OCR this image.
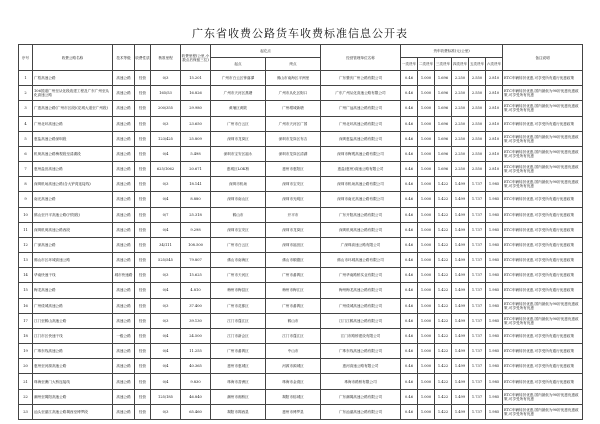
广东省收费公路货车收费标准信息公开表
序号	收费公路名称	技术等级	收费性质	核准里程	收费里程(公里,小数点后保留三位)	起讫点		经营管理单位名称	货车收费标准(元/公里)						备注说明
						起点	终点		一类货车	二类货车	三类货车	四类货车	五类货车	六类货车	
1	广梧高速公路	高速公路	经营	0/3	15.201	广州市白云区钟落潭	佛山市南海区平洲里	广东肇庆广州公路有限公司	0.46	1.000	1.696	2.250	2.550	2.810	ETC车辆转折优惠,可享受所有通行优惠政策
2	106国道广州至从化段改建工程及广东广州至从化高速公路	高速公路	经营	165/53	16.826	广州市天河区燕塘	广州市从化区街口	广东广州从化高速公路有限公司	0.46	1.000	1.696	2.250	2.550	2.810	ETC车辆转折优惠,国内最低为90折优惠优惠政策,可享受所有优惠
3	广惠高速公路(广州市区段)(花城大道至广州段)	高速公路	经营	200/355	29.980	黄埔区黄陂	广州增城新塘	广州广汕高速公路有限公司	0.46	1.000	1.696	2.250	2.550	2.810	ETC车辆转折优惠,国内最低为90折优惠优惠政策,可享受所有优惠
4	广州北环高速公路	高速公路	经营	0/3	23.650	广州市白云区	广州市天河区广园	广州北环高速公路有限公司	0.46	1.000	1.696	2.250	2.550	2.810	ETC车辆转折优惠,可享受所有通行优惠政策
5	惠盐高速公路深圳段	高速公路	经营	123/425	25.809	深圳市龙岗区	深圳市龙岗区布吉	深圳惠盐高速公路有限公司	0.46	1.000	1.696	2.250	2.550	2.810	ETC车辆转折优惠,国内最低为90折优惠优惠政策,可享受所有优惠
6	机荷高速公路梅观段至清湖段	高速公路	经营	0/4	5.498	深圳市宝安区福永	深圳市龙岗区清湖	深圳市梅观高速公路有限公司	0.46	1.000	1.696	2.250	2.550	2.810	ETC车辆转折优惠,国内最低为90折优惠优惠政策,可享受所有优惠
7	惠州盐田高速公路	高速公路	经营	625/1062	20.671	惠城区LOK桥	惠州市惠阳区	惠盐(惠州)高速公路有限公司	0.46	1.000	1.696	2.250	2.550	2.810	ETC车辆转折优惠,国内最低为90折优惠优惠政策,可享受所有优惠
8	深圳机场高速公路(含大铲湾连接线)	高速公路	经营	0/3	18.141	深圳市机场	深圳市宝安区	深圳市机场高速公路有限公司	0.46	1.000	1.422	1.499	1.737	1.985	ETC车辆转折优惠,国内最低为90折优惠优惠政策,可享受所有优惠
9	南光高速公路	高速公路	经营	0/4	8.880	深圳市南山区	深圳市光明区	深圳市南光高速公路有限公司	0.46	1.000	1.422	1.499	1.737	1.985	ETC车辆转折优惠,可享受所有通行优惠政策
10	鹤山至开平高速公路(开阳段)	高速公路	经营	0/7	25.318	鹤山市	开平市	广东开阳高速公路有限公司	0.46	1.000	1.422	1.499	1.737	1.985	ETC车辆转折优惠,可享受所有通行优惠政策
11	深圳机荷高速公路西段	高速公路	经营	0/4	9.298	深圳市宝安区	深圳市龙岗区	深圳机荷高速公路有限公司	0.46	1.000	1.422	1.499	1.737	1.985	ETC车辆转折优惠,可享受所有通行优惠政策
12	广深高速公路	高速公路	经营	34/111	108.500	广州市白云区	深圳市福田区	广深珠高速公路有限公司	0.46	1.000	1.422	1.499	1.737	1.985	ETC车辆转折优惠,可享受所有通行优惠政策
13	佛山市区环城高速公路	高速公路	经营	525/545	79.807	佛山市南海区	佛山市顺德区	佛山市环城高速公路有限公司	0.46	1.000	1.422	1.499	1.737	1.985	ETC车辆转折优惠,可享受所有通行优惠政策
14	华南快速干线	城市快速路	经营	0/3	15.625	广州市天河区	广州市番禺区	广州华南路桥实业有限公司	0.46	1.000	1.422	1.499	1.737	1.985	ETC车辆转折优惠,可享受所有通行优惠政策
15	梅龙高速公路	高速公路	经营	0/4	4.810	梅州市梅县区	梅州市梅江区	梅州梅龙高速公路有限公司	0.46	1.000	1.422	1.499	1.737	1.985	ETC车辆转折优惠,可享受所有通行优惠政策
16	广州绕城高速公路	高速公路	经营	0/3	37.400	广州市花都区	广州市番禺区	广州绕城高速公路有限公司	0.46	1.000	1.422	1.499	1.737	1.985	ETC车辆转折优惠,国内最低为90折优惠优惠政策,可享受所有优惠
17	江门至鹤山高速公路	高速公路	经营	0/3	39.130	江门市蓬江区	鹤山市	江门江鹤高速公路有限公司	0.46	1.000	1.422	1.499	1.737	1.985	ETC车辆转折优惠,国内最低为90折优惠优惠政策,可享受所有优惠
18	江门市区快速干线	一级公路	经营	0/4	24.500	江门市新会区	江门市蓬江区	江门市路桥建设有限公司	0.46	1.000	1.422	1.499	1.737	1.985	ETC车辆转折优惠,可享受所有通行优惠政策
19	广珠东线高速公路	高速公路	经营	0/4	11.255	广州市番禺区	中山市	广珠东线高速公路有限公司	0.46	1.000	1.422	1.499	1.737	1.985	ETC车辆转折优惠,可享受所有通行优惠政策
20	惠州至河源高速公路	高速公路	经营	0/4	40.365	惠州市惠城区	河源市源城区	惠河高速公路有限公司	0.46	1.000	1.422	1.499	1.737	1.985	ETC车辆转折优惠,可享受所有通行优惠政策
21	珠海至澳门大桥连接线	高速公路	经营	0/4	9.830	珠海市香洲区	珠海市金湾区	珠海市路桥有限公司	0.46	1.000	1.422	1.499	1.737	1.985	ETC车辆转折优惠,可享受所有通行优惠政策
22	潮州至揭阳高速公路	高速公路	经营	125/185	46.840	潮州市湘桥区	揭阳市榕城区	广东潮揭高速公路有限公司	0.46	1.000	1.422	1.499	1.737	1.985	ETC车辆转折优惠,国内最低为90折优惠优惠政策,可享受所有优惠
23	汕头至湛江高速公路揭西至博罗段	高速公路	经营	0/3	65.460	揭阳市揭西县	惠州市博罗县	广东汕湛高速公路有限公司	0.46	1.000	1.422	1.499	1.737	1.985	ETC车辆转折优惠,国内最低为90折优惠优惠政策,可享受所有优惠
